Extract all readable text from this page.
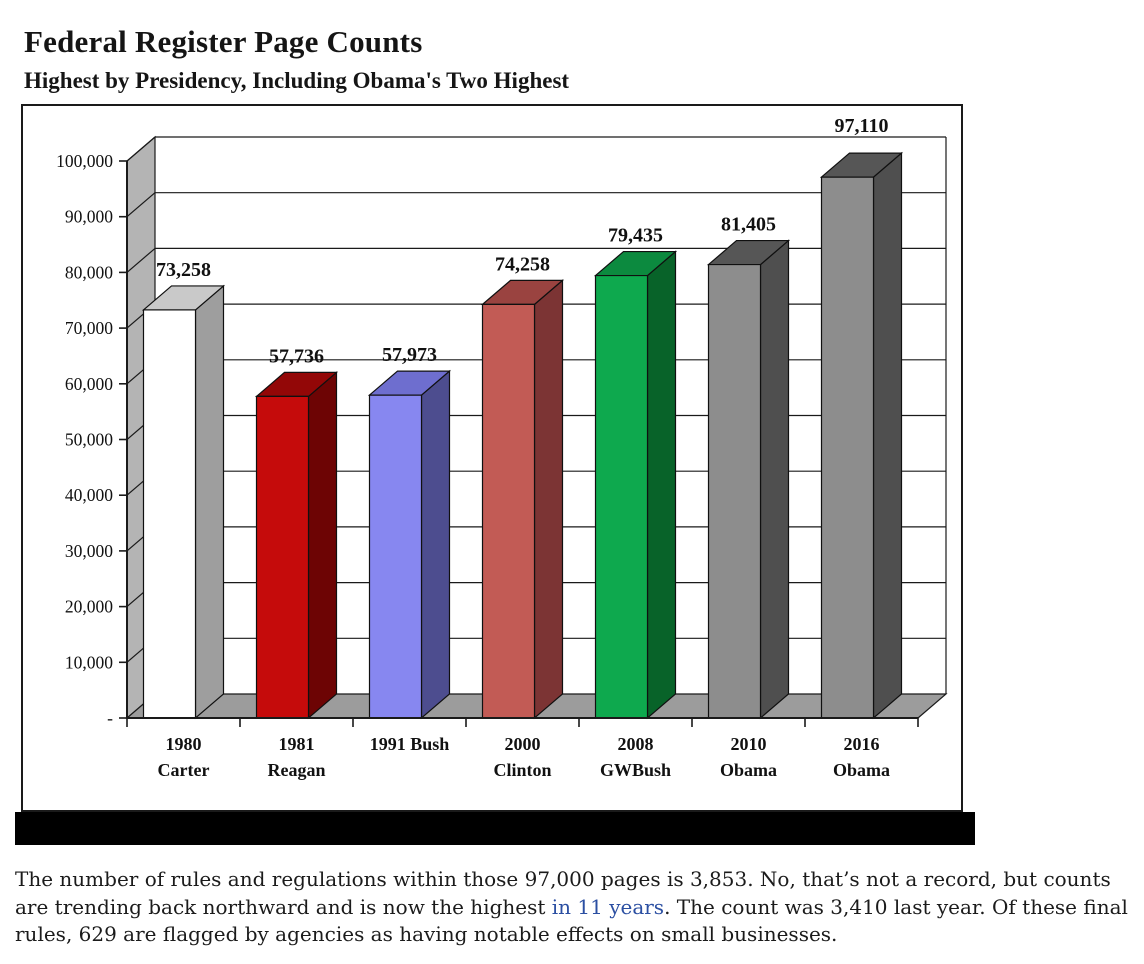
Federal Register Page Counts
Highest by Presidency, Including Obama's Two Highest
73,258
57,736	57,973
74,258
79,435	81,405
97,110
100,000
90,000
80,000
70,000
60,000
50,000
40,000
30,000
20,000
10,000
-
1980
Carter
1981
Reagan
1991 Bush	2000
Clinton
2008
GWBush
2010
Obama
2016
Obama

The number of rules and regulations within those 97,000 pages is 3,853. No, that’s not a record, but counts are trending back northward and is now the highest in 11 years. The count was 3,410 last year. Of these final rules, 629 are flagged by agencies as having notable effects on small businesses.
